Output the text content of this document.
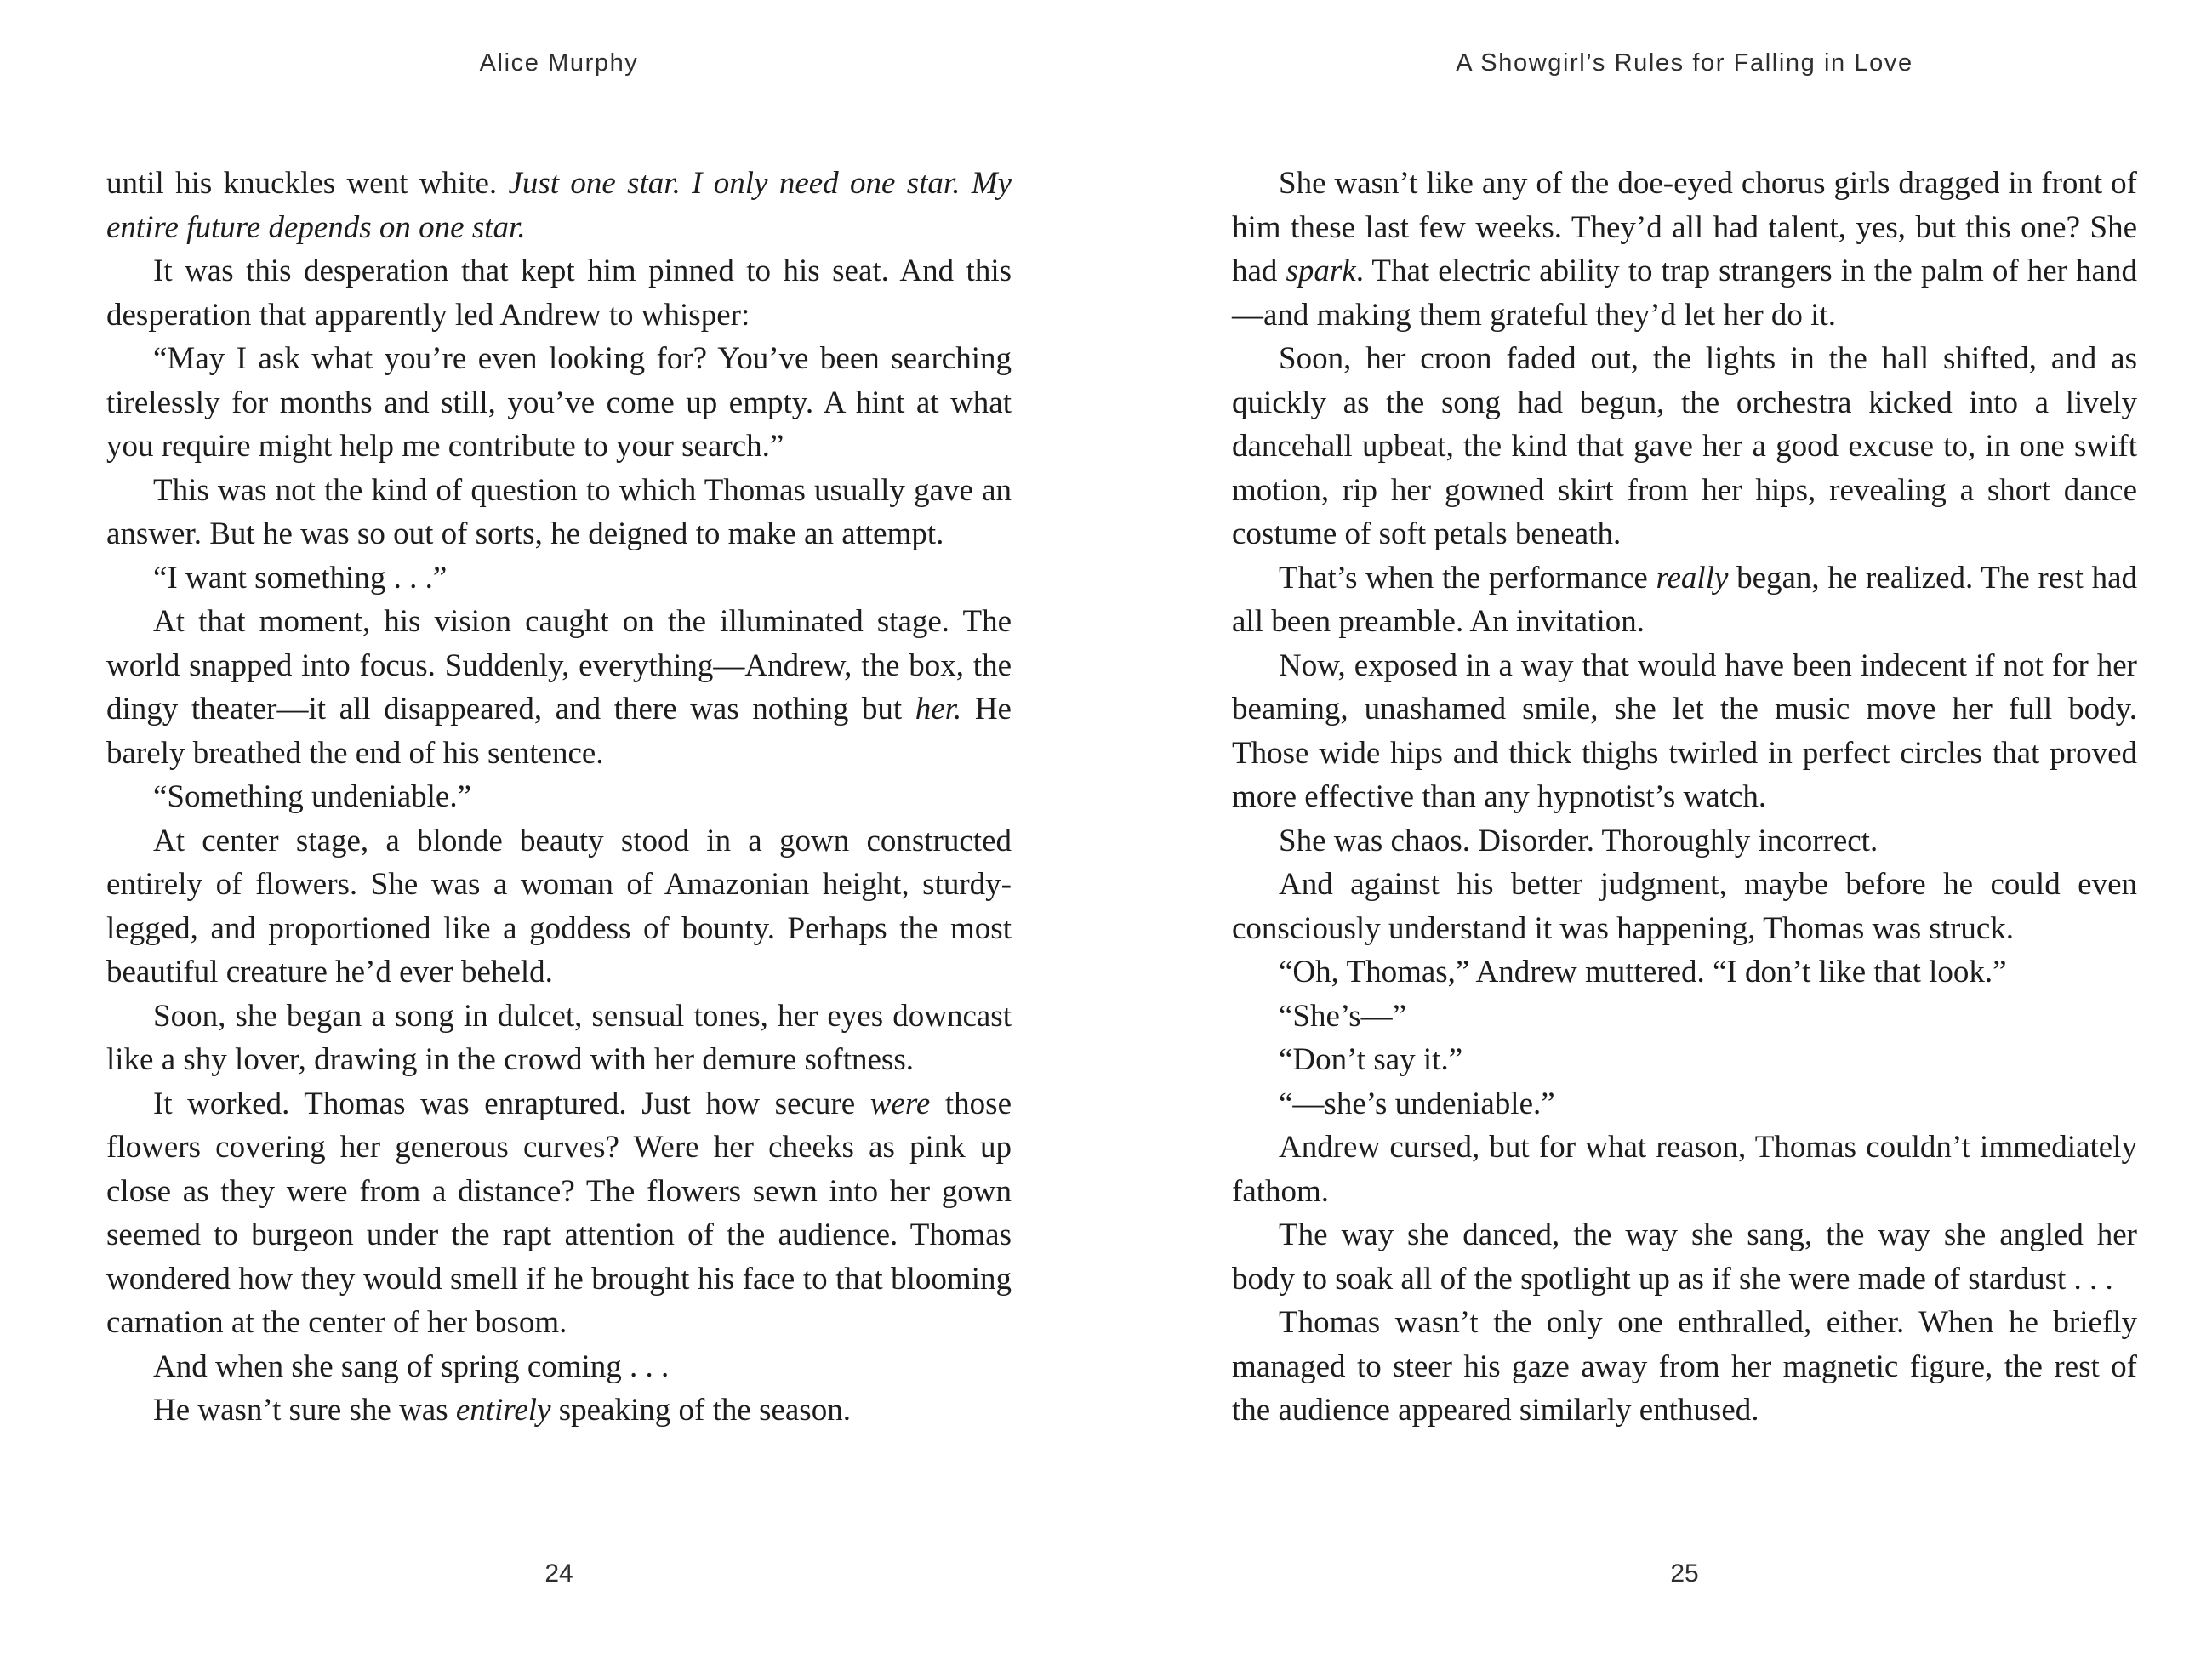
Alice Murphy

until his knuckles went white. Just one star. I only need one star. My entire future depends on one star.

It was this desperation that kept him pinned to his seat. And this desperation that apparently led Andrew to whisper:

“May I ask what you’re even looking for? You’ve been searching tirelessly for months and still, you’ve come up empty. A hint at what you require might help me contribute to your search.”

This was not the kind of question to which Thomas usually gave an answer. But he was so out of sorts, he deigned to make an attempt.

“I want something . . .”

At that moment, his vision caught on the illuminated stage. The world snapped into focus. Suddenly, everything—Andrew, the box, the dingy theater—it all disappeared, and there was nothing but her. He barely breathed the end of his sentence.

“Something undeniable.”

At center stage, a blonde beauty stood in a gown constructed entirely of flowers. She was a woman of Amazonian height, sturdy-legged, and proportioned like a goddess of bounty. Perhaps the most beautiful creature he’d ever beheld.

Soon, she began a song in dulcet, sensual tones, her eyes downcast like a shy lover, drawing in the crowd with her demure softness.

It worked. Thomas was enraptured. Just how secure were those flowers covering her generous curves? Were her cheeks as pink up close as they were from a distance? The flowers sewn into her gown seemed to burgeon under the rapt attention of the audience. Thomas wondered how they would smell if he brought his face to that blooming carnation at the center of her bosom.

And when she sang of spring coming . . .

He wasn’t sure she was entirely speaking of the season.

24
A Showgirl’s Rules for Falling in Love

She wasn’t like any of the doe-eyed chorus girls dragged in front of him these last few weeks. They’d all had talent, yes, but this one? She had spark. That electric ability to trap strangers in the palm of her hand—and making them grateful they’d let her do it.

Soon, her croon faded out, the lights in the hall shifted, and as quickly as the song had begun, the orchestra kicked into a lively dancehall upbeat, the kind that gave her a good excuse to, in one swift motion, rip her gowned skirt from her hips, revealing a short dance costume of soft petals beneath.

That’s when the performance really began, he realized. The rest had all been preamble. An invitation.

Now, exposed in a way that would have been indecent if not for her beaming, unashamed smile, she let the music move her full body. Those wide hips and thick thighs twirled in perfect circles that proved more effective than any hypnotist’s watch.

She was chaos. Disorder. Thoroughly incorrect.

And against his better judgment, maybe before he could even consciously understand it was happening, Thomas was struck.

“Oh, Thomas,” Andrew muttered. “I don’t like that look.”

“She’s—”

“Don’t say it.”

“—she’s undeniable.”

Andrew cursed, but for what reason, Thomas couldn’t immediately fathom.

The way she danced, the way she sang, the way she angled her body to soak all of the spotlight up as if she were made of stardust . . .

Thomas wasn’t the only one enthralled, either. When he briefly managed to steer his gaze away from her magnetic figure, the rest of the audience appeared similarly enthused.

25
